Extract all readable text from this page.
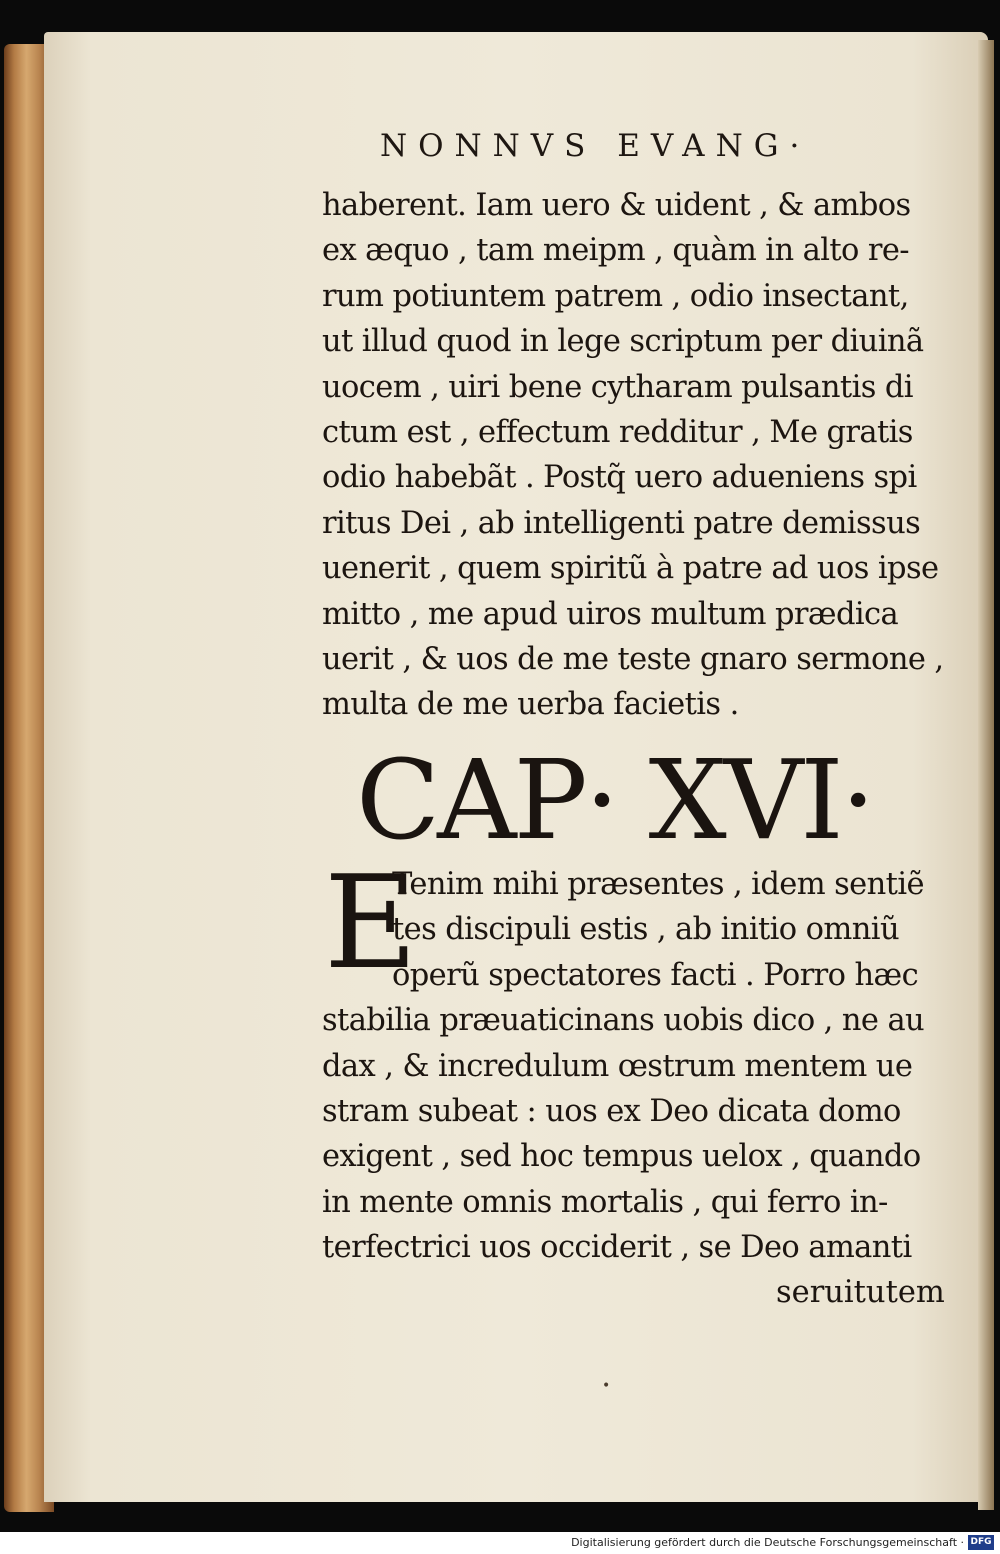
NONNVS EVANG·
haberent. Iam uero & uident , & ambos
ex æquo , tam meipm , quàm in alto re-
rum potiuntem patrem , odio insectant,
ut illud quod in lege scriptum per diuinã
uocem , uiri bene cytharam pulsantis di
ctum est , effectum redditur , Me gratis
odio habebãt . Postq̃ uero adueniens spi
ritus Dei , ab intelligenti patre demissus
uenerit , quem spiritũ à patre ad uos ipse
mitto , me apud uiros multum prædica
uerit , & uos de me teste gnaro sermone ,
multa de me uerba facietis .
CAP· XVI·
E
Tenim mihi præsentes , idem sentiẽ
tes discipuli estis , ab initio omniũ
operũ spectatores facti . Porro hæc
stabilia præuaticinans uobis dico , ne au
dax , & incredulum œstrum mentem ue
stram subeat : uos ex Deo dicata domo
exigent , sed hoc tempus uelox , quando
in mente omnis mortalis , qui ferro in-
terfectrici uos occiderit , se Deo amanti
seruitutem
•
Digitalisierung gefördert durch die Deutsche Forschungsgemeinschaft · DFG
